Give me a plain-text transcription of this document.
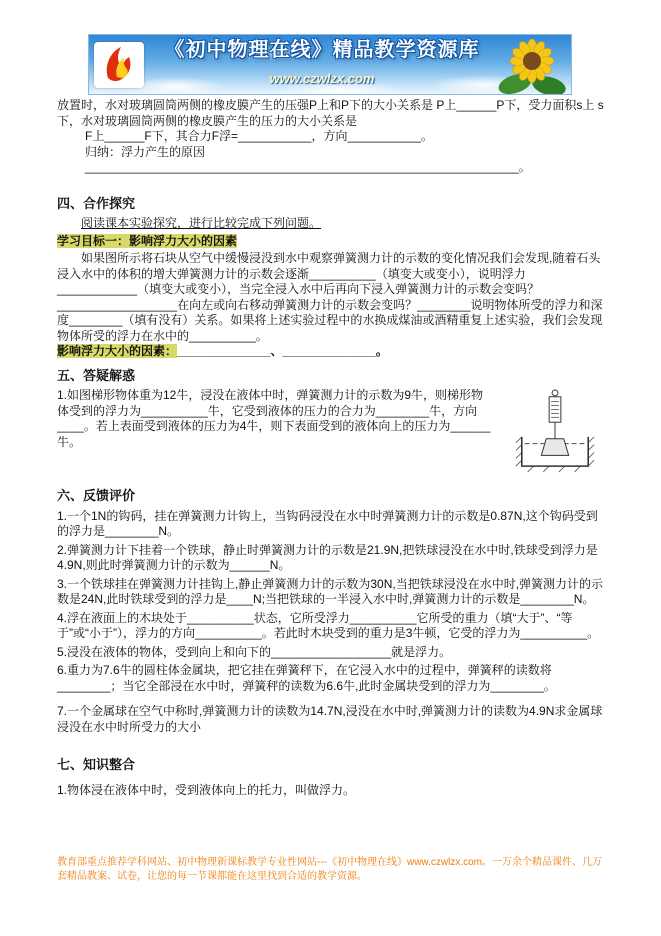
《初中物理在线》精品教学资源库
www.czwlzx.com

放置时，水对玻璃圆筒两侧的橡皮膜产生的压强P上和P下的大小关系是 P上______P下，受力面积s上 s下，水对玻璃圆筒两侧的橡皮膜产生的压力的大小关系是

F上______F下，其合力F浮=___________，方向___________。

归纳：浮力产生的原因_________________________________________________________________。

四、合作探究

阅读课本实验探究，进行比较完成下列问题。

学习目标一：影响浮力大小的因素

如果图所示将石块从空气中缓慢浸没到水中观察弹簧测力计的示数的变化情况我们会发现,随着石头浸入水中的体积的增大弹簧测力计的示数会逐渐__________（填变大或变小），说明浮力____________（填变大或变小），当完全浸入水中后再向下浸入弹簧测力计的示数会变吗？__________________在向左或向右移动弹簧测力计的示数会变吗？________说明物体所受的浮力和深度________（填有没有）关系。如果将上述实验过程中的水换成煤油或酒精重复上述实验，我们会发现物体所受的浮力在水中的__________。

影响浮力大小的因素：______________、______________。

五、答疑解惑

1.如图梯形物体重为12牛，浸没在液体中时，弹簧测力计的示数为9牛，则梯形物体受到的浮力为__________牛，它受到液体的压力的合力为________牛，方向____。若上表面受到液体的压力为4牛，则下表面受到的液体向上的压力为______牛。

六、反馈评价

1.一个1N的钩码，挂在弹簧测力计钩上，当钩码浸没在水中时弹簧测力计的示数是0.87N,这个钩码受到的浮力是________N。

2.弹簧测力计下挂着一个铁球，静止时弹簧测力计的示数是21.9N,把铁球浸没在水中时,铁球受到浮力是4.9N,则此时弹簧测力计的示数为______N。

3.一个铁球挂在弹簧测力计挂钩上,静止弹簧测力计的示数为30N,当把铁球浸没在水中时,弹簧测力计的示数是24N,此时铁球受到的浮力是____N;当把铁球的一半浸入水中时,弹簧测力计的示数是________N。

4.浮在液面上的木块处于__________状态，它所受浮力__________它所受的重力（填“大于”、“等于”或“小于”），浮力的方向__________。若此时木块受到的重力是3牛顿，它受的浮力为__________。

5.浸没在液体的物体，受到向上和向下的__________________就是浮力。

6.重力为7.6牛的圆柱体金属块，把它挂在弹簧秤下，在它浸入水中的过程中，弹簧秤的读数将________；当它全部浸在水中时，弹簧秤的读数为6.6牛,此时金属块受到的浮力为________。

7.一个金属球在空气中称时,弹簧测力计的读数为14.7N,浸没在水中时,弹簧测力计的读数为4.9N求金属球浸没在水中时所受力的大小

七、知识整合

1.物体浸在液体中时，受到液体向上的托力，叫做浮力。

教育部重点推荐学科网站、初中物理新课标教学专业性网站---《初中物理在线》www.czwlzx.com。一万余个精品课件、几万套精品教案、试卷，让您的每一节课都能在这里找到合适的教学资源。
